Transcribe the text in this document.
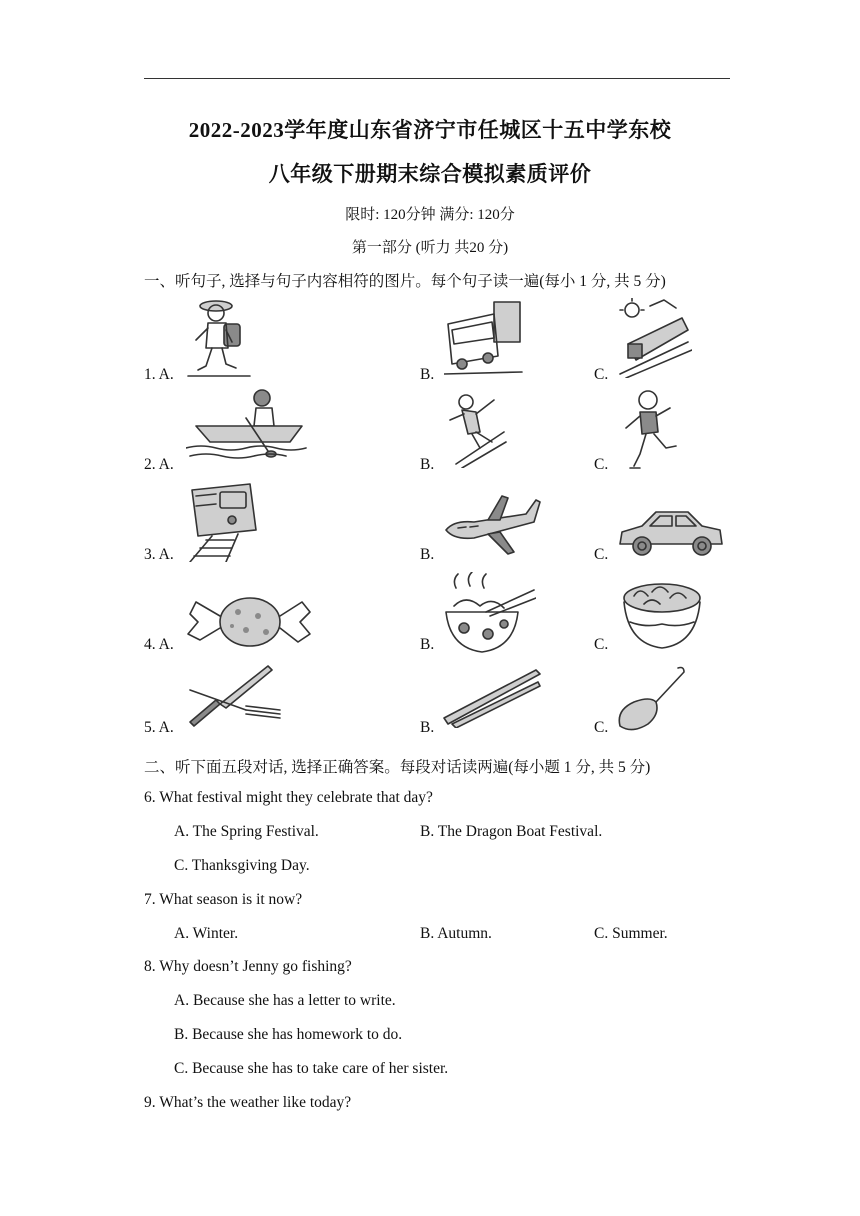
2022-2023学年度山东省济宁市任城区十五中学东校
八年级下册期末综合模拟素质评价
限时: 120分钟 满分: 120分
第一部分 (听力 共20 分)
一、听句子, 选择与句子内容相符的图片。每个句子读一遍(每小 1 分, 共 5 分)
1. A.	B.	C.
2. A.	B.	C.
3. A.	B.	C.
4. A.	B.	C.
5. A.	B.	C.
二、听下面五段对话, 选择正确答案。每段对话读两遍(每小题 1 分, 共 5 分)
6. What festival might they celebrate that day?
A. The Spring Festival.	B. The Dragon Boat Festival.
C. Thanksgiving Day.
7. What season is it now?
A. Winter.	B. Autumn.	C. Summer.
8. Why doesn’t Jenny go fishing?
A. Because she has a letter to write.
B. Because she has homework to do.
C. Because she has to take care of her sister.
9. What’s the weather like today?
